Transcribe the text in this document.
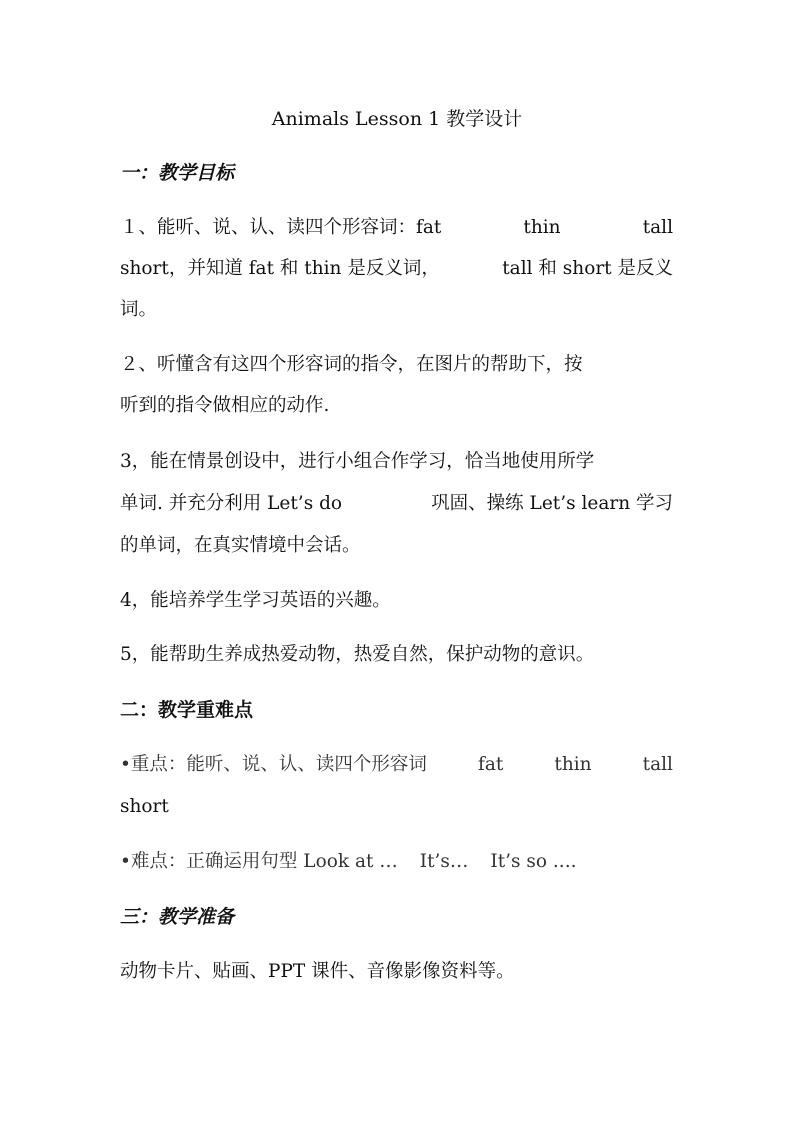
Animals Lesson 1 教学设计
一：教学目标
１、能听、说、认、读四个形容词：fat	thin	tall
short，并知道 fat 和 thin 是反义词，	tall 和 short 是反义
词。
２、听懂含有这四个形容词的指令，在图片的帮助下，按
听到的指令做相应的动作.
3，能在情景创设中，进行小组合作学习，恰当地使用所学
单词. 并充分利用 Let’s do	巩固、操练 Let’s learn 学习
的单词，在真实情境中会话。
4，能培养学生学习英语的兴趣。
5，能帮助生养成热爱动物，热爱自然，保护动物的意识。
二：教学重难点
•重点：能听、说、认、读四个形容词	fat	thin	tall
short
•难点：正确运用句型 Look at … It’s… It’s so ....
三：教学准备
动物卡片、贴画、PPT 课件、音像影像资料等。
